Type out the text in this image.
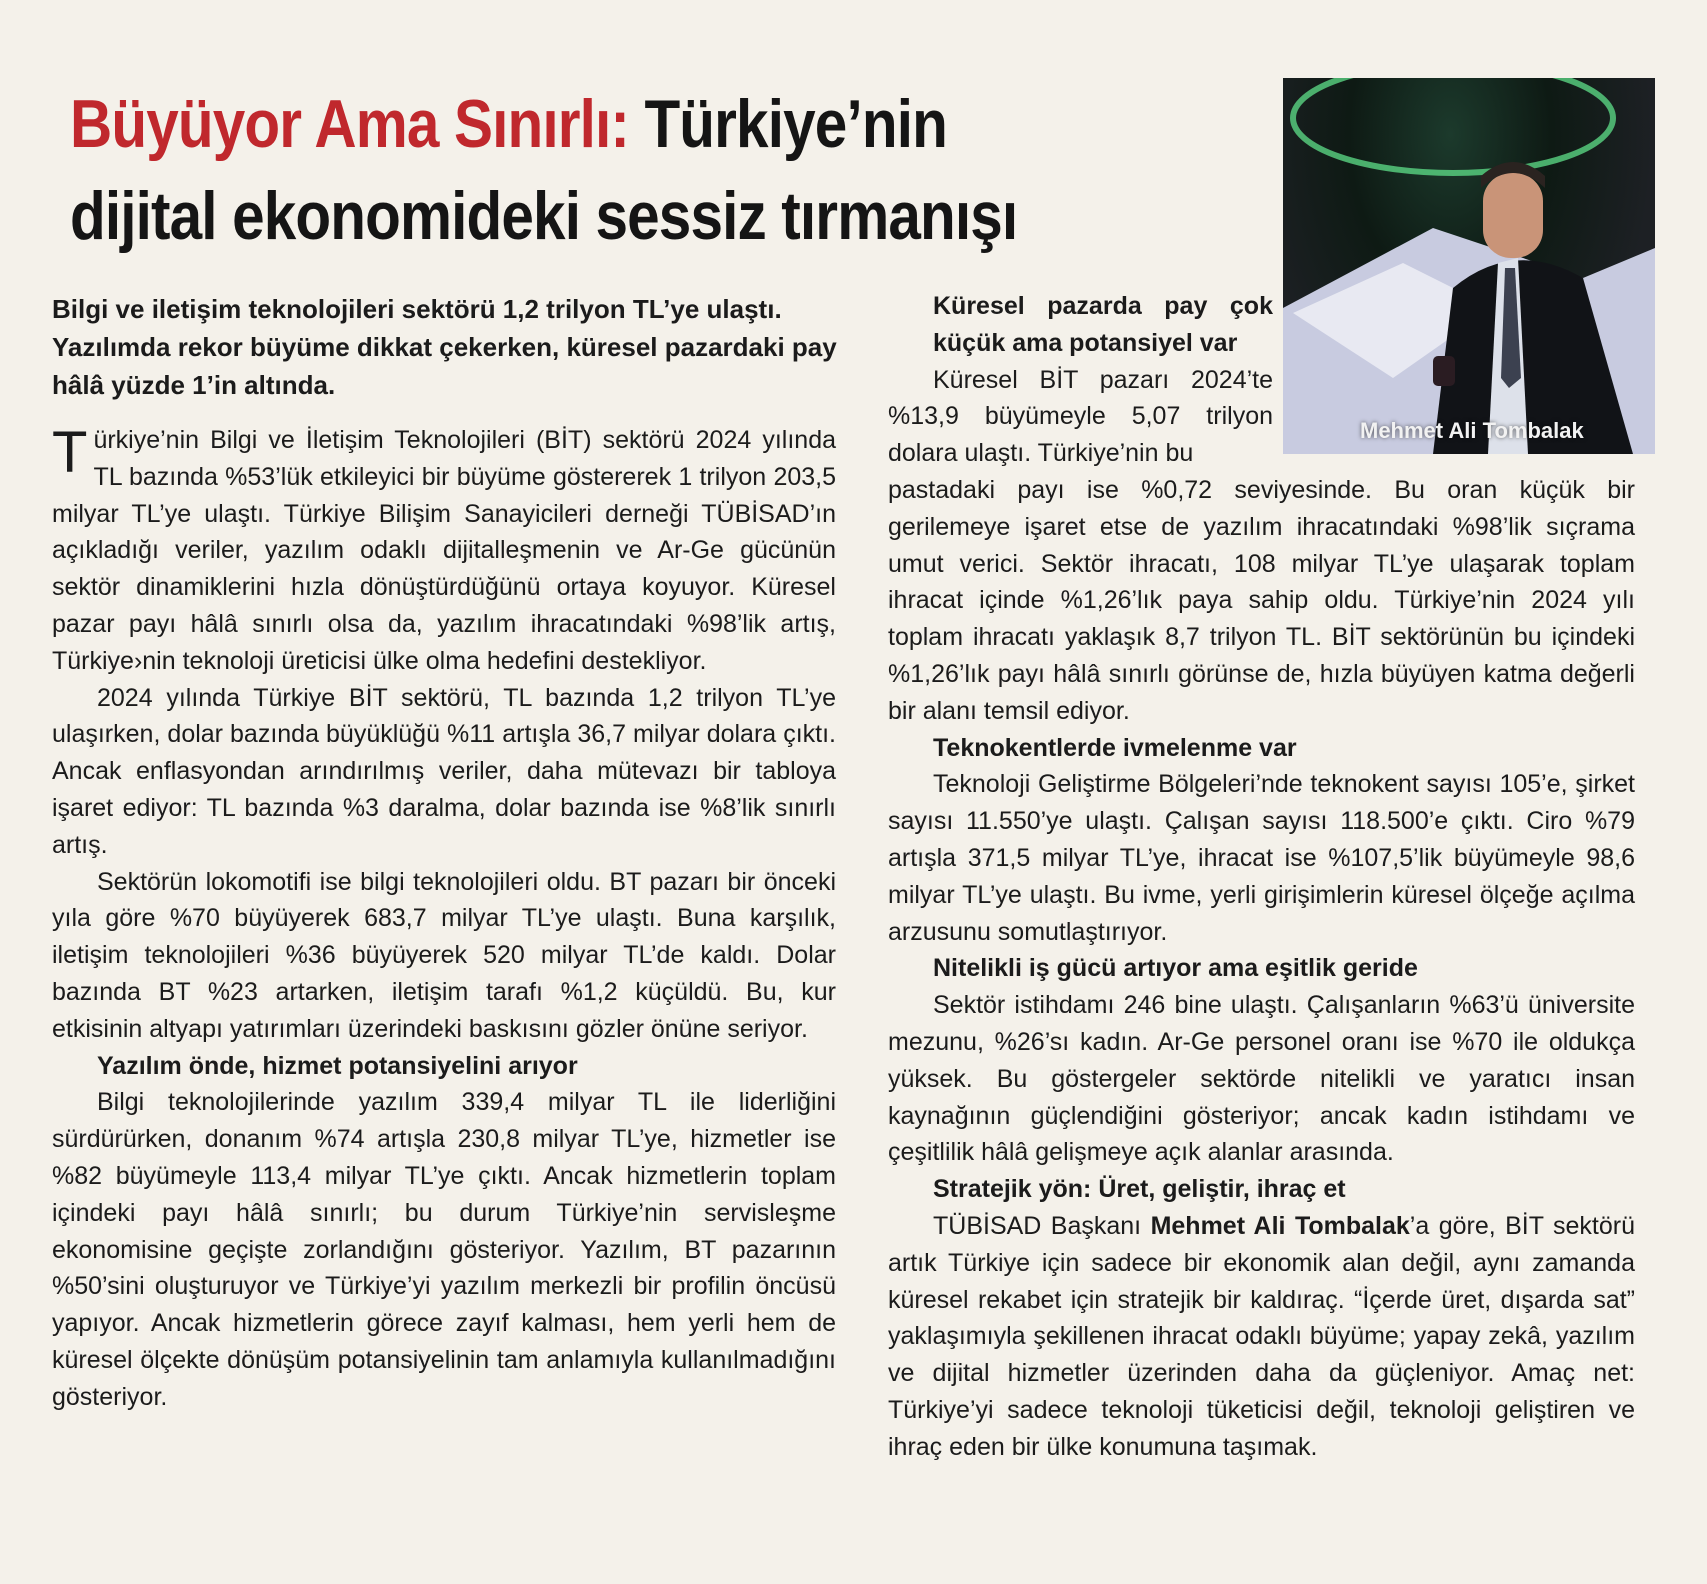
Büyüyor Ama Sınırlı: Türkiye’nin dijital ekonomideki sessiz tırmanışı

Bilgi ve iletişim teknolojileri sektörü 1,2 trilyon TL’ye ulaştı. Yazılımda rekor büyüme dikkat çekerken, küresel pazardaki pay hâlâ yüzde 1’in altında.

Türkiye’nin Bilgi ve İletişim Teknolojileri (BİT) sektörü 2024 yılında TL bazında %53’lük etkileyici bir büyüme göstererek 1 trilyon 203,5 milyar TL’ye ulaştı. Türkiye Bilişim Sanayicileri derneği TÜBİSAD’ın açıkladığı veriler, yazılım odaklı dijitalleşmenin ve Ar-Ge gücünün sektör dinamiklerini hızla dönüştürdüğünü ortaya koyuyor. Küresel pazar payı hâlâ sınırlı olsa da, yazılım ihracatındaki %98’lik artış, Türkiye›nin teknoloji üreticisi ülke olma hedefini destekliyor.

2024 yılında Türkiye BİT sektörü, TL bazında 1,2 trilyon TL’ye ulaşırken, dolar bazında büyüklüğü %11 artışla 36,7 milyar dolara çıktı. Ancak enflasyondan arındırılmış veriler, daha mütevazı bir tabloya işaret ediyor: TL bazında %3 daralma, dolar bazında ise %8’lik sınırlı artış.

Sektörün lokomotifi ise bilgi teknolojileri oldu. BT pazarı bir önceki yıla göre %70 büyüyerek 683,7 milyar TL’ye ulaştı. Buna karşılık, iletişim teknolojileri %36 büyüyerek 520 milyar TL’de kaldı. Dolar bazında BT %23 artarken, iletişim tarafı %1,2 küçüldü. Bu, kur etkisinin altyapı yatırımları üzerindeki baskısını gözler önüne seriyor.

Yazılım önde, hizmet potansiyelini arıyor

Bilgi teknolojilerinde yazılım 339,4 milyar TL ile liderliğini sürdürürken, donanım %74 artışla 230,8 milyar TL’ye, hizmetler ise %82 büyümeyle 113,4 milyar TL’ye çıktı. Ancak hizmetlerin toplam içindeki payı hâlâ sınırlı; bu durum Türkiye’nin servisleşme ekonomisine geçişte zorlandığını gösteriyor. Yazılım, BT pazarının %50’sini oluşturuyor ve Türkiye’yi yazılım merkezli bir profilin öncüsü yapıyor. Ancak hizmetlerin görece zayıf kalması, hem yerli hem de küresel ölçekte dönüşüm potansiyelinin tam anlamıyla kullanılmadığını gösteriyor.

Küresel pazarda pay çok küçük ama potansiyel var

Küresel BİT pazarı 2024’te %13,9 büyümeyle 5,07 trilyon dolara ulaştı. Türkiye’nin bu

pastadaki payı ise %0,72 seviyesinde. Bu oran küçük bir gerilemeye işaret etse de yazılım ihracatındaki %98’lik sıçrama umut verici. Sektör ihracatı, 108 milyar TL’ye ulaşarak toplam ihracat içinde %1,26’lık paya sahip oldu. Türkiye’nin 2024 yılı toplam ihracatı yaklaşık 8,7 trilyon TL. BİT sektörünün bu içindeki %1,26’lık payı hâlâ sınırlı görünse de, hızla büyüyen katma değerli bir alanı temsil ediyor.

Teknokentlerde ivmelenme var

Teknoloji Geliştirme Bölgeleri’nde teknokent sayısı 105’e, şirket sayısı 11.550’ye ulaştı. Çalışan sayısı 118.500’e çıktı. Ciro %79 artışla 371,5 milyar TL’ye, ihracat ise %107,5’lik büyümeyle 98,6 milyar TL’ye ulaştı. Bu ivme, yerli girişimlerin küresel ölçeğe açılma arzusunu somutlaştırıyor.

Nitelikli iş gücü artıyor ama eşitlik geride

Sektör istihdamı 246 bine ulaştı. Çalışanların %63’ü üniversite mezunu, %26’sı kadın. Ar-Ge personel oranı ise %70 ile oldukça yüksek. Bu göstergeler sektörde nitelikli ve yaratıcı insan kaynağının güçlendiğini gösteriyor; ancak kadın istihdamı ve çeşitlilik hâlâ gelişmeye açık alanlar arasında.

Stratejik yön: Üret, geliştir, ihraç et

TÜBİSAD Başkanı Mehmet Ali Tombalak’a göre, BİT sektörü artık Türkiye için sadece bir ekonomik alan değil, aynı zamanda küresel rekabet için stratejik bir kaldıraç. “İçerde üret, dışarda sat” yaklaşımıyla şekillenen ihracat odaklı büyüme; yapay zekâ, yazılım ve dijital hizmetler üzerinden daha da güçleniyor. Amaç net: Türkiye’yi sadece teknoloji tüketicisi değil, teknoloji geliştiren ve ihraç eden bir ülke konumuna taşımak.

Mehmet Ali Tombalak
